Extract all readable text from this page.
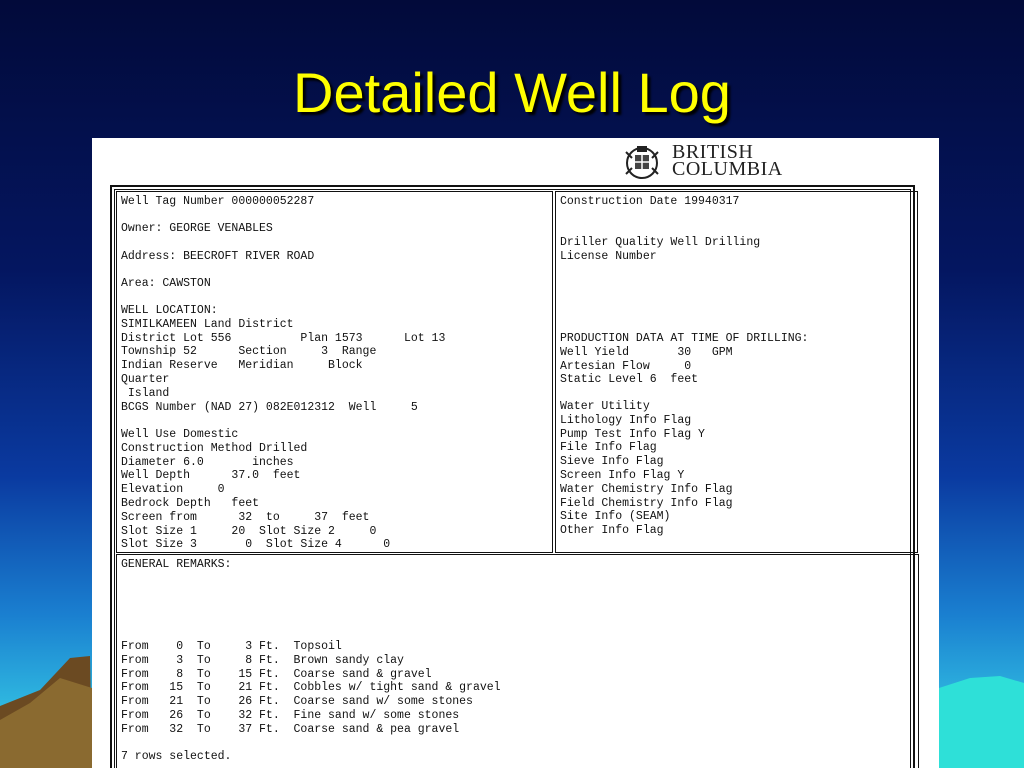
Detailed Well Log
BRITISH
COLUMBIA
Well Tag Number 000000052287
Owner: GEORGE VENABLES
Address: BEECROFT RIVER ROAD
Area: CAWSTON
WELL LOCATION:
SIMILKAMEEN Land District
District Lot 556          Plan 1573      Lot 13
Township 52      Section     3  Range
Indian Reserve   Meridian     Block
Quarter
Island
BCGS Number (NAD 27) 082E012312  Well     5
Well Use Domestic
Construction Method Drilled
Diameter 6.0       inches
Well Depth      37.0  feet
Elevation     0
Bedrock Depth   feet
Screen from      32  to     37  feet
Slot Size 1     20  Slot Size 2     0
Slot Size 3       0  Slot Size 4      0
Construction Date 19940317
Driller Quality Well Drilling
License Number
PRODUCTION DATA AT TIME OF DRILLING:
Well Yield       30   GPM
Artesian Flow     0
Static Level 6  feet
Water Utility
Lithology Info Flag
Pump Test Info Flag Y
File Info Flag
Sieve Info Flag
Screen Info Flag Y
Water Chemistry Info Flag
Field Chemistry Info Flag
Site Info (SEAM)
Other Info Flag
GENERAL REMARKS:
From    0  To     3 Ft.  Topsoil
From    3  To     8 Ft.  Brown sandy clay
From    8  To    15 Ft.  Coarse sand & gravel
From   15  To    21 Ft.  Cobbles w/ tight sand & gravel
From   21  To    26 Ft.  Coarse sand w/ some stones
From   26  To    32 Ft.  Fine sand w/ some stones
From   32  To    37 Ft.  Coarse sand & pea gravel
7 rows selected.
